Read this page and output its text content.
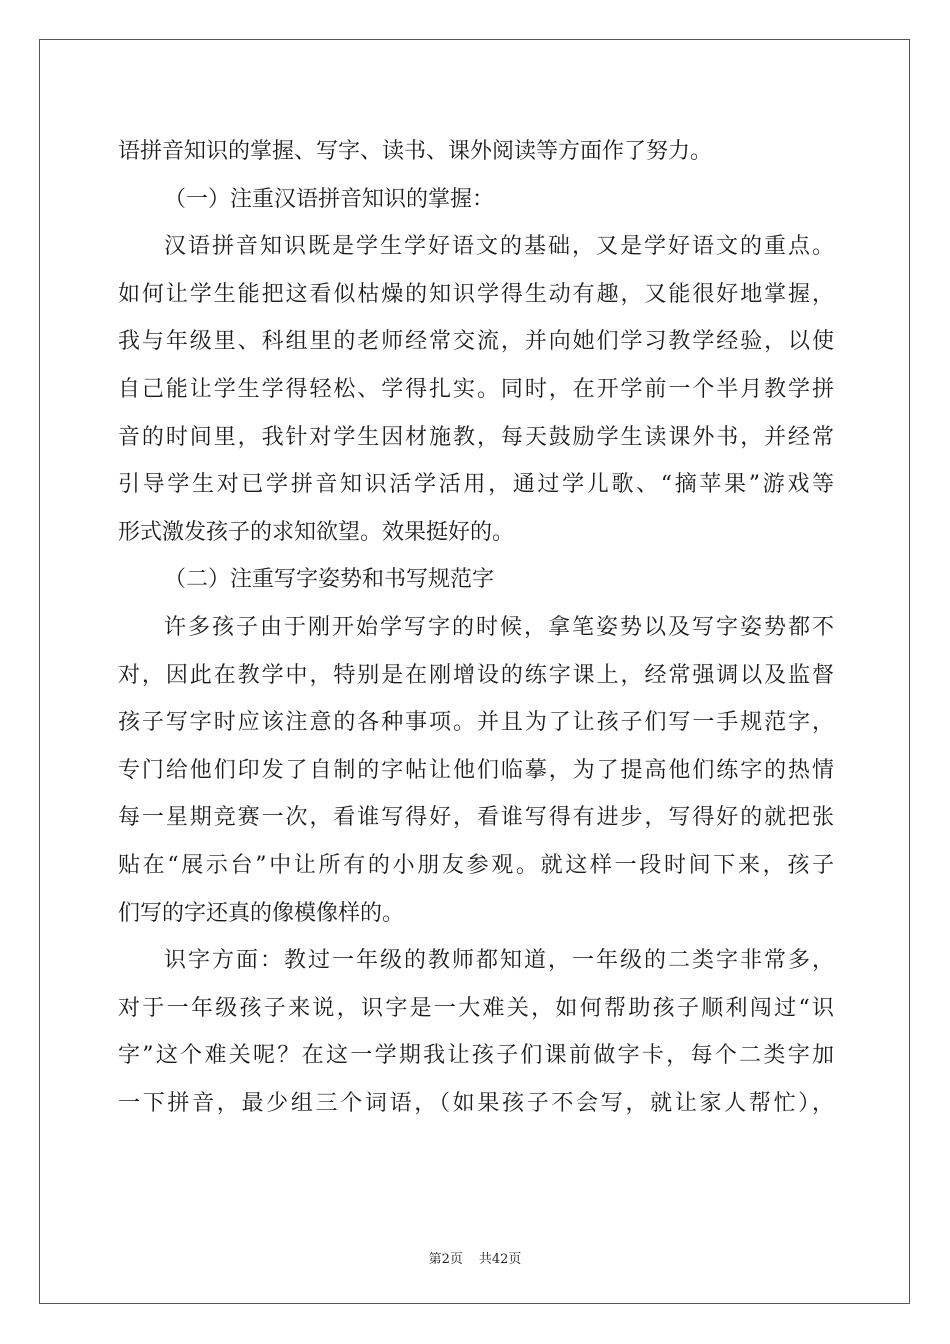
语拼音知识的掌握、写字、读书、课外阅读等方面作了努力。
（一）注重汉语拼音知识的掌握：
汉语拼音知识既是学生学好语文的基础，又是学好语文的重点。
如何让学生能把这看似枯燥的知识学得生动有趣，又能很好地掌握，
我与年级里、科组里的老师经常交流，并向她们学习教学经验，以使
自己能让学生学得轻松、学得扎实。同时，在开学前一个半月教学拼
音的时间里，我针对学生因材施教，每天鼓励学生读课外书，并经常
引导学生对已学拼音知识活学活用，通过学儿歌、“摘苹果”游戏等
形式激发孩子的求知欲望。效果挺好的。
（二）注重写字姿势和书写规范字
许多孩子由于刚开始学写字的时候，拿笔姿势以及写字姿势都不
对，因此在教学中，特别是在刚增设的练字课上，经常强调以及监督
孩子写字时应该注意的各种事项。并且为了让孩子们写一手规范字，
专门给他们印发了自制的字帖让他们临摹，为了提高他们练字的热情
每一星期竞赛一次，看谁写得好，看谁写得有进步，写得好的就把张
贴在“展示台”中让所有的小朋友参观。就这样一段时间下来，孩子
们写的字还真的像模像样的。
识字方面：教过一年级的教师都知道，一年级的二类字非常多，
对于一年级孩子来说，识字是一大难关，如何帮助孩子顺利闯过“识
字”这个难关呢？在这一学期我让孩子们课前做字卡，每个二类字加
一下拼音，最少组三个词语，（如果孩子不会写，就让家人帮忙），
第2页 共42页
